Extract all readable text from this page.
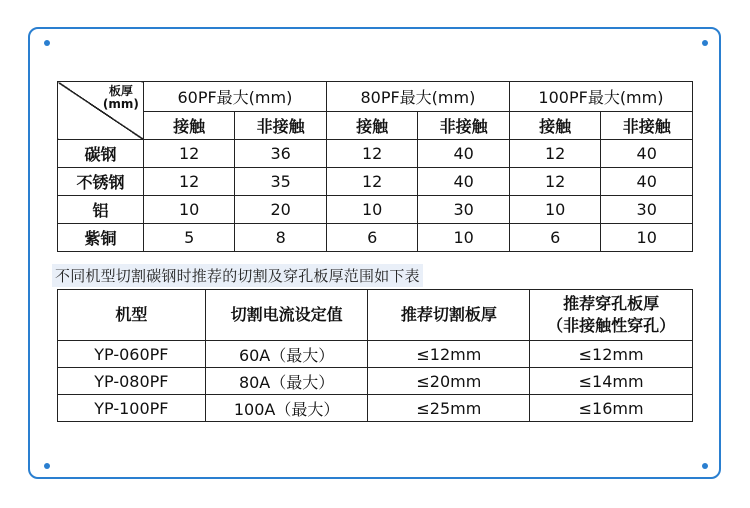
板厚
(mm)	60PF最大(mm)		80PF最大(mm)		100PF最大(mm)	
	接触	非接触	接触	非接触	接触	非接触
碳钢	12	36	12	40	12	40
不锈钢	12	35	12	40	12	40
铝	10	20	10	30	10	30
紫铜	5	8	6	10	6	10
不同机型切割碳钢时推荐的切割及穿孔板厚范围如下表
机型	切割电流设定值	推荐切割板厚	推荐穿孔板厚
（非接触性穿孔）

YP-060PF	60A（最大）	≤12mm	≤12mm
YP-080PF	80A（最大）	≤20mm	≤14mm
YP-100PF	100A（最大）	≤25mm	≤16mm
